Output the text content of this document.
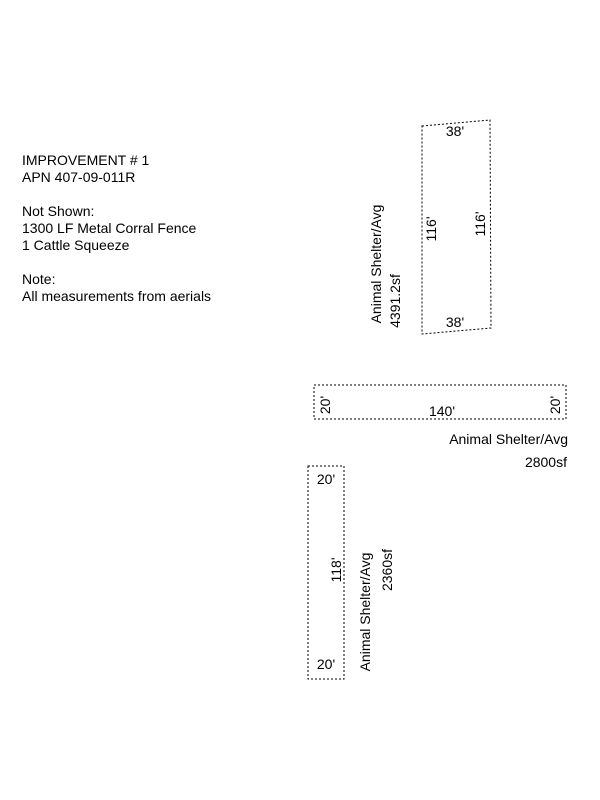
IMPROVEMENT # 1
APN 407-09-011R
Not Shown:
1300 LF Metal Corral Fence
1 Cattle Squeeze
Note:
All measurements from aerials
38'
38'
116' 116'
Animal Shelter/Avg 4391.2sf
20'	20'
140'
Animal Shelter/Avg
2800sf
20'
20'
118' Animal Shelter/Avg 2360sf
